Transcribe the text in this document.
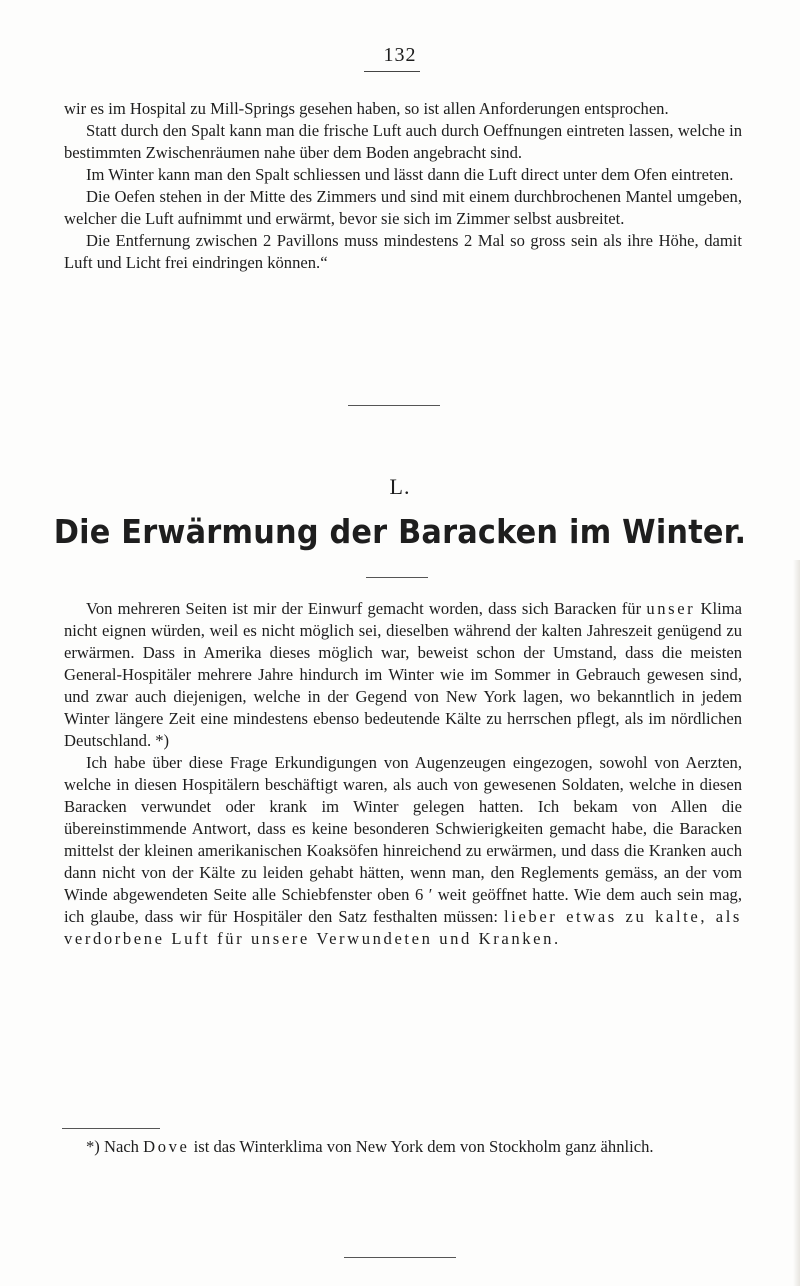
132

wir es im Hospital zu Mill-Springs gesehen haben, so ist allen Anforderungen entsprochen.

Statt durch den Spalt kann man die frische Luft auch durch Oeffnungen eintreten lassen, welche in bestimmten Zwischenräumen nahe über dem Boden angebracht sind.

Im Winter kann man den Spalt schliessen und lässt dann die Luft direct unter dem Ofen eintreten.

Die Oefen stehen in der Mitte des Zimmers und sind mit einem durchbrochenen Mantel umgeben, welcher die Luft aufnimmt und erwärmt, bevor sie sich im Zimmer selbst ausbreitet.

Die Entfernung zwischen 2 Pavillons muss mindestens 2 Mal so gross sein als ihre Höhe, damit Luft und Licht frei eindringen können.“

L.
Die Erwärmung der Baracken im Winter.

Von mehreren Seiten ist mir der Einwurf gemacht worden, dass sich Baracken für unser Klima nicht eignen würden, weil es nicht möglich sei, dieselben während der kalten Jahreszeit genügend zu erwärmen. Dass in Amerika dieses möglich war, beweist schon der Umstand, dass die meisten General-Hospitäler mehrere Jahre hindurch im Winter wie im Sommer in Gebrauch gewesen sind, und zwar auch diejenigen, welche in der Gegend von New York lagen, wo bekanntlich in jedem Winter längere Zeit eine mindestens ebenso bedeutende Kälte zu herrschen pflegt, als im nördlichen Deutschland. *)

Ich habe über diese Frage Erkundigungen von Augenzeugen eingezogen, sowohl von Aerzten, welche in diesen Hospitälern beschäftigt waren, als auch von gewesenen Soldaten, welche in diesen Baracken verwundet oder krank im Winter gelegen hatten. Ich bekam von Allen die übereinstimmende Antwort, dass es keine besonderen Schwierigkeiten gemacht habe, die Baracken mittelst der kleinen amerikanischen Koaksöfen hinreichend zu erwärmen, und dass die Kranken auch dann nicht von der Kälte zu leiden gehabt hätten, wenn man, den Reglements gemäss, an der vom Winde abgewendeten Seite alle Schiebfenster oben 6 ′ weit geöffnet hatte. Wie dem auch sein mag, ich glaube, dass wir für Hospitäler den Satz festhalten müssen: lieber etwas zu kalte, als verdorbene Luft für unsere Verwundeten und Kranken.

*) Nach Dove ist das Winterklima von New York dem von Stockholm ganz ähnlich.
